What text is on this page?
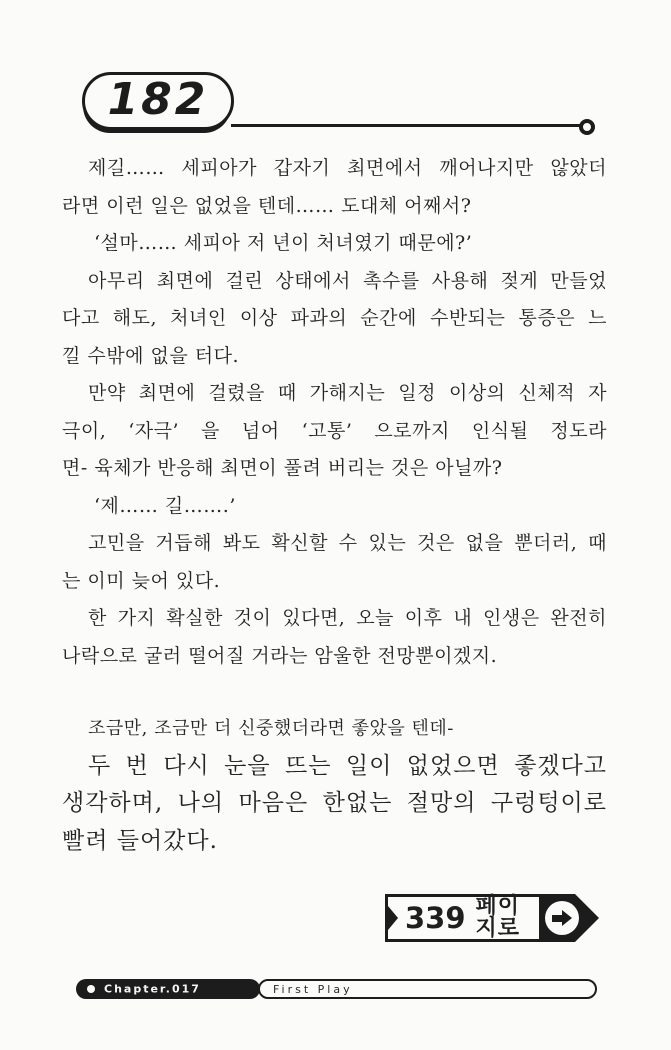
182
제길…… 세피아가 갑자기 최면에서 깨어나지만 않았더
라면 이런 일은 없었을 텐데…… 도대체 어째서?
‘설마…… 세피아 저 년이 처녀였기 때문에?’
아무리 최면에 걸린 상태에서 촉수를 사용해 젖게 만들었
다고 해도, 처녀인 이상 파과의 순간에 수반되는 통증은 느
낄 수밖에 없을 터다.
만약 최면에 걸렸을 때 가해지는 일정 이상의 신체적 자
극이, ‘자극’ 을 넘어 ‘고통’ 으로까지 인식될 정도라
면- 육체가 반응해 최면이 풀려 버리는 것은 아닐까?
‘제…… 길…….’
고민을 거듭해 봐도 확신할 수 있는 것은 없을 뿐더러, 때
는 이미 늦어 있다.
한 가지 확실한 것이 있다면, 오늘 이후 내 인생은 완전히
나락으로 굴러 떨어질 거라는 암울한 전망뿐이겠지.
조금만, 조금만 더 신중했더라면 좋았을 텐데-
두 번 다시 눈을 뜨는 일이 없었으면 좋겠다고
생각하며, 나의 마음은 한없는 절망의 구렁텅이로
빨려 들어갔다.
339 페이지로
Chapter.017	First Play
